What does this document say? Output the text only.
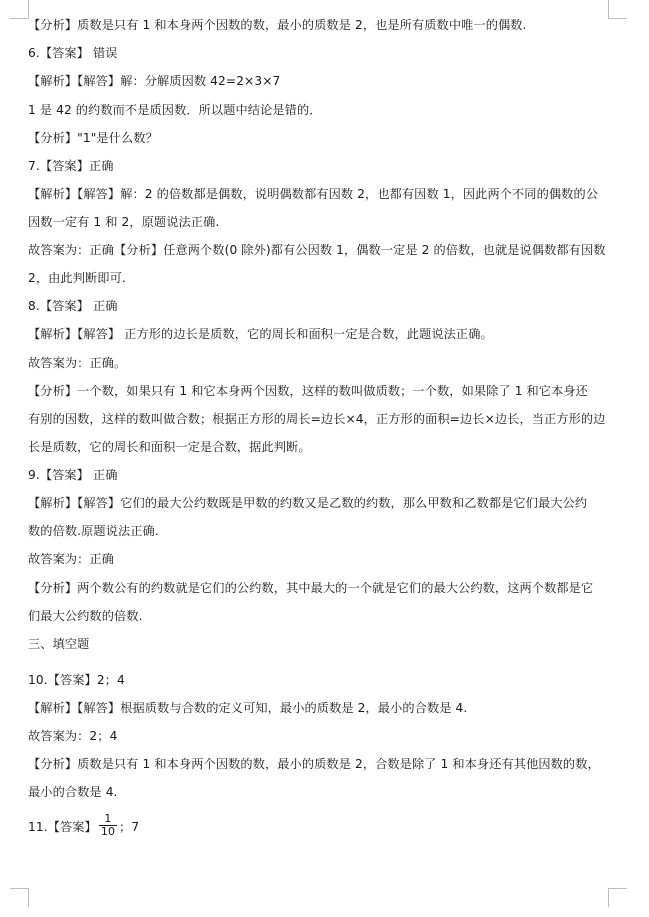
【分析】质数是只有 1 和本身两个因数的数，最小的质数是 2，也是所有质数中唯一的偶数.
6.【答案】 错误
【解析】【解答】解：分解质因数 42=2×3×7
1 是 42 的约数而不是质因数．所以题中结论是错的．
【分析】"1"是什么数？
7.【答案】正确
【解析】【解答】解：2 的倍数都是偶数，说明偶数都有因数 2，也都有因数 1，因此两个不同的偶数的公
因数一定有 1 和 2，原题说法正确.
故答案为：正确【分析】任意两个数(0 除外)都有公因数 1，偶数一定是 2 的倍数，也就是说偶数都有因数
2，由此判断即可.
8.【答案】 正确
【解析】【解答】 正方形的边长是质数，它的周长和面积一定是合数，此题说法正确。
故答案为：正确。
【分析】一个数，如果只有 1 和它本身两个因数，这样的数叫做质数；一个数，如果除了 1 和它本身还
有别的因数，这样的数叫做合数；根据正方形的周长=边长×4，正方形的面积=边长×边长，当正方形的边
长是质数，它的周长和面积一定是合数，据此判断。
9.【答案】 正确
【解析】【解答】它们的最大公约数既是甲数的约数又是乙数的约数，那么甲数和乙数都是它们最大公约
数的倍数.原题说法正确.
故答案为：正确
【分析】两个数公有的约数就是它们的公约数，其中最大的一个就是它们的最大公约数，这两个数都是它
们最大公约数的倍数.
三、填空题
10.【答案】2；4
【解析】【解答】根据质数与合数的定义可知，最小的质数是 2，最小的合数是 4.
故答案为：2；4
【分析】质数是只有 1 和本身两个因数的数，最小的质数是 2，合数是除了 1 和本身还有其他因数的数，
最小的合数是 4.
11.【答案】 $\frac{1}{10}$ ；7
